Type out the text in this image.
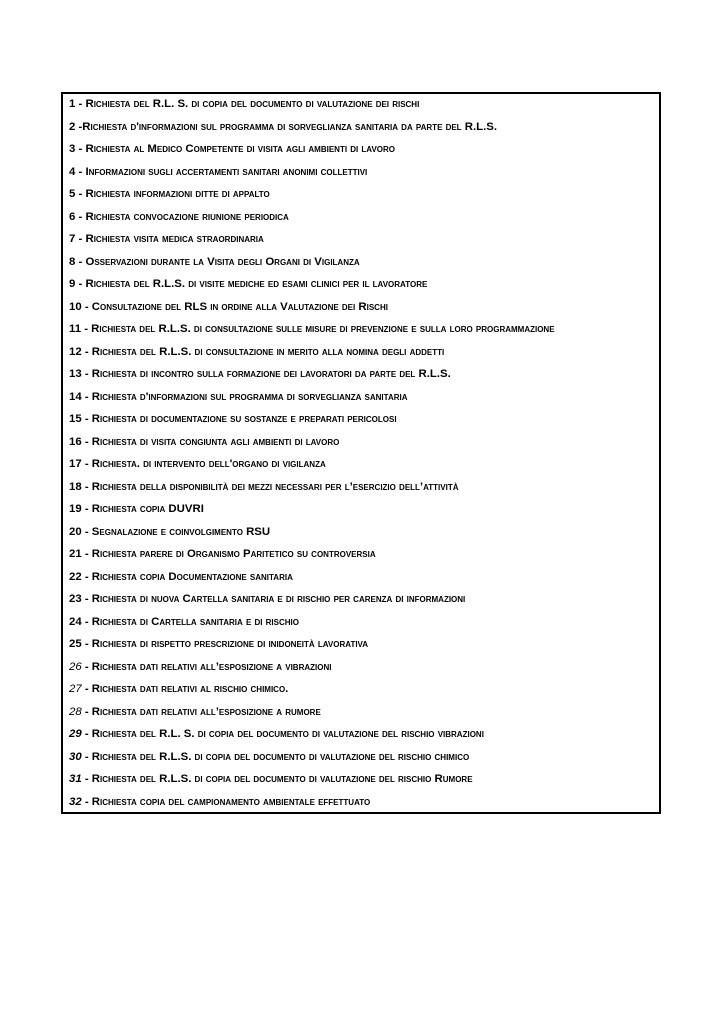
1 - Richiesta del R.L. S. di copia del documento di valutazione dei rischi
2 -Richiesta d'informazioni sul programma di sorveglianza sanitaria da parte del R.L.S.
3 - Richiesta al Medico Competente di visita agli ambienti di lavoro
4 - Informazioni sugli accertamenti sanitari anonimi collettivi
5 - Richiesta informazioni ditte di appalto
6 - Richiesta convocazione riunione periodica
7 - Richiesta visita medica straordinaria
8 - Osservazioni durante la Visita degli Organi di Vigilanza
9 - Richiesta del R.L.S. di visite mediche ed esami clinici per il lavoratore
10 - Consultazione del RLS in ordine alla Valutazione dei Rischi
11 - Richiesta del R.L.S. di consultazione sulle misure di prevenzione e sulla loro programmazione
12 - Richiesta del R.L.S. di consultazione in merito alla nomina degli addetti
13 - Richiesta di incontro sulla formazione dei lavoratori da parte del R.L.S.
14 - Richiesta d'informazioni sul programma di sorveglianza sanitaria
15 - Richiesta di documentazione su sostanze e preparati pericolosi
16 - Richiesta di visita congiunta agli ambienti di lavoro
17 - Richiesta. di intervento dell'organo di vigilanza
18 - Richiesta della disponibilità dei mezzi necessari per l’esercizio dell’attività
19 - Richiesta copia DUVRI
20 - Segnalazione e coinvolgimento RSU
21 - Richiesta parere di Organismo Paritetico su controversia
22 - Richiesta copia Documentazione sanitaria
23 - Richiesta di nuova Cartella sanitaria e di rischio per carenza di informazioni
24 - Richiesta di Cartella sanitaria e di rischio
25 - Richiesta di rispetto prescrizione di inidoneità lavorativa
26 - Richiesta dati relativi all’esposizione a vibrazioni
27 - Richiesta dati relativi al rischio chimico.
28 - Richiesta dati relativi all’esposizione a rumore
29 - Richiesta del R.L. S. di copia del documento di valutazione del rischio vibrazioni
30 - Richiesta del R.L.S. di copia del documento di valutazione del rischio chimico
31 - Richiesta del R.L.S. di copia del documento di valutazione del rischio Rumore
32 - Richiesta copia del campionamento ambientale effettuato
